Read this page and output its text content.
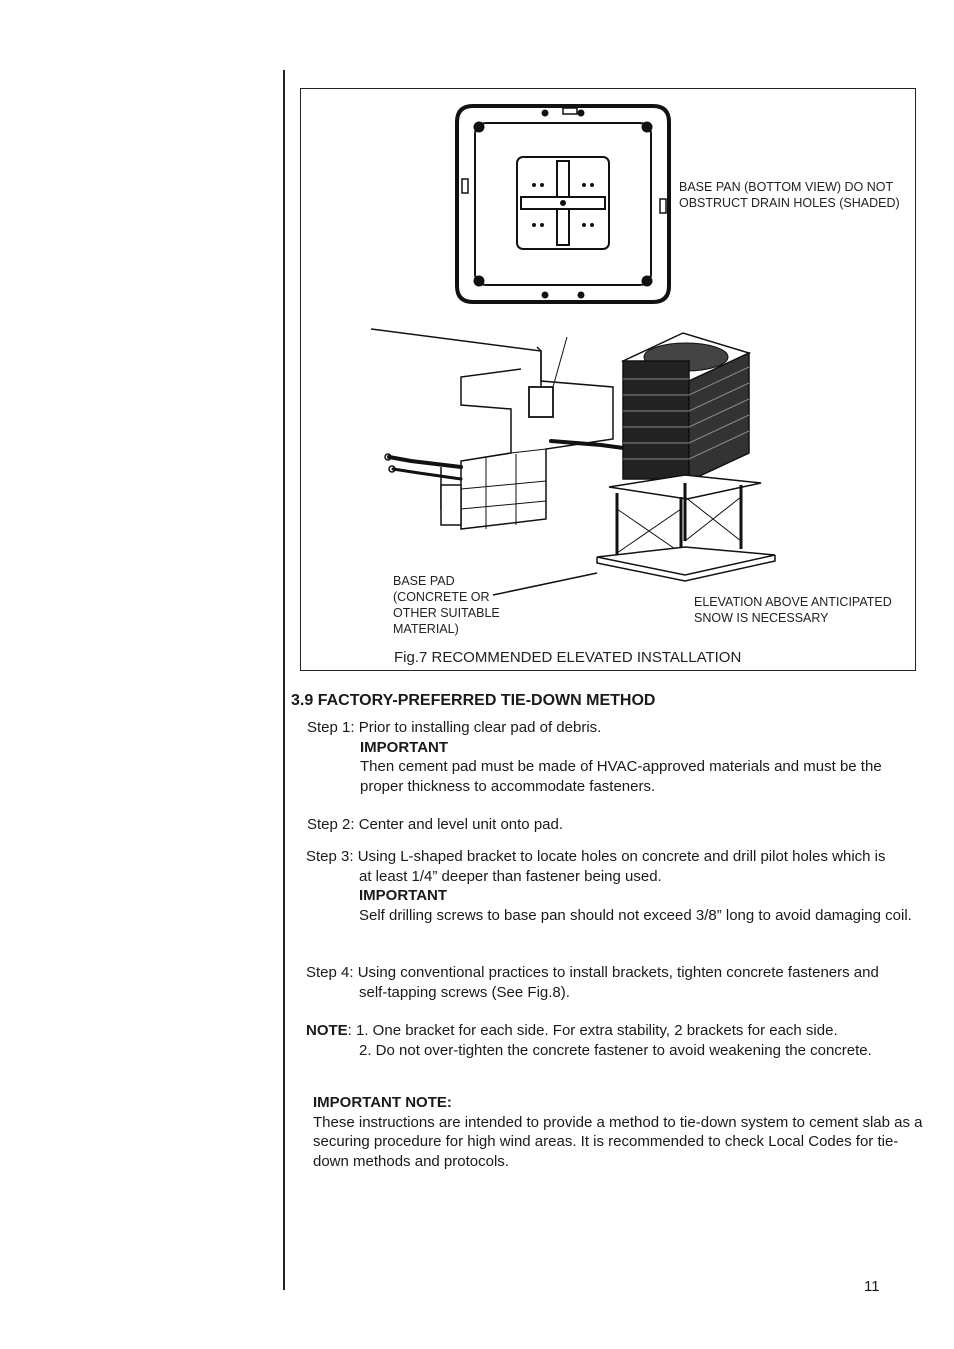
BASE PAN (BOTTOM VIEW) DO NOT OBSTRUCT DRAIN HOLES (SHADED)
BASE PAD (CONCRETE OR OTHER SUITABLE MATERIAL)
ELEVATION ABOVE ANTICIPATED SNOW IS NECESSARY
Fig.7 RECOMMENDED ELEVATED INSTALLATION
3.9 FACTORY-PREFERRED TIE-DOWN METHOD
Step 1: Prior to installing clear pad of debris.
IMPORTANT
Then cement pad must be made of HVAC-approved materials and must be the proper thickness to accommodate fasteners.
Step 2: Center and level unit onto pad.
Step 3: Using L-shaped bracket to locate holes on concrete and drill pilot holes which is
at least 1/4” deeper than fastener being used.
IMPORTANT
Self drilling screws to base pan should not exceed 3/8” long to avoid damaging coil.
Step 4: Using conventional practices to install brackets, tighten concrete fasteners and
self-tapping screws (See Fig.8).
NOTE: 1. One bracket for each side. For extra stability, 2 brackets for each side.
2. Do not over-tighten the concrete fastener to avoid weakening the concrete.
IMPORTANT NOTE:
These instructions are intended to provide a method to tie-down system to cement slab as a securing procedure for high wind areas. It is recommended to check Local Codes for tie-down methods and protocols.
11
